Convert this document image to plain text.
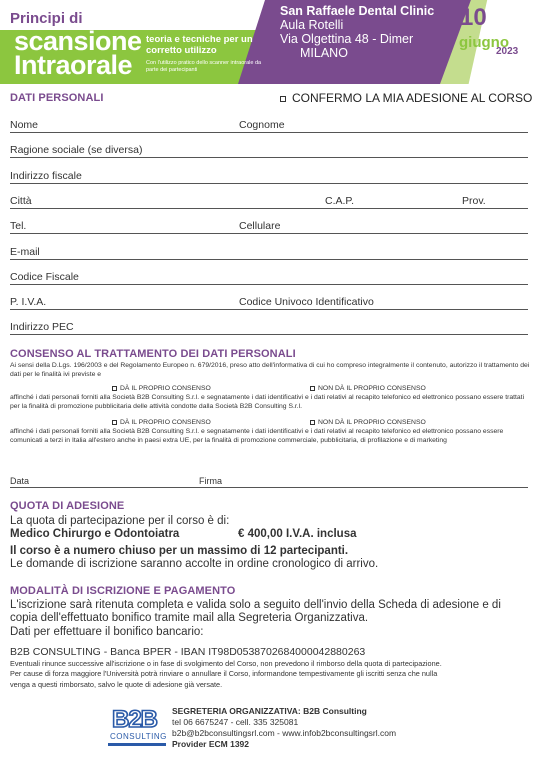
Principi di
scansione
Intraorale
teoria e tecniche per un corretto utilizzo
Con l'utilizzo pratico dello scanner intraorale da parte dei partecipanti
San Raffaele Dental Clinic
Aula Rotelli
Via Olgettina 48 - Dimer
MILANO
10
giugno
2023
DATI PERSONALI	CONFERMO LA MIA ADESIONE AL CORSO
Nome	Cognome
Ragione sociale (se diversa)
Indirizzo fiscale
Città	C.A.P.	Prov.
Tel.	Cellulare
E-mail
Codice Fiscale
P. I.V.A.	Codice Univoco Identificativo
Indirizzo PEC
CONSENSO AL TRATTAMENTO DEI DATI PERSONALI
Ai sensi della D.Lgs. 196/2003 e del Regolamento Europeo n. 679/2016, preso atto dell'informativa di cui ho compreso integralmente il contenuto, autorizzo il trattamento dei dati per le finalità ivi previste e
DÀ IL PROPRIO CONSENSO	NON DÀ IL PROPRIO CONSENSO
affinché i dati personali forniti alla Società B2B Consulting S.r.l. e segnatamente i dati identificativi e i dati relativi al recapito telefonico ed elettronico possano essere trattati per la finalità di promozione pubblicitaria delle attività condotte dalla Società B2B Consulting S.r.l.
DÀ IL PROPRIO CONSENSO	NON DÀ IL PROPRIO CONSENSO
affinché i dati personali forniti alla Società B2B Consulting S.r.l. e segnatamente i dati identificativi e i dati relativi al recapito telefonico ed elettronico possano essere comunicati a terzi in Italia all'estero anche in paesi extra UE, per la finalità di promozione commerciale, pubblicitaria, di profilazione e di marketing
Data	Firma
QUOTA DI ADESIONE
La quota di partecipazione per il corso è di:
Medico Chirurgo e Odontoiatra	€ 400,00 I.V.A. inclusa
Il corso è a numero chiuso per un massimo di 12 partecipanti.
Le domande di iscrizione saranno accolte in ordine cronologico di arrivo.
MODALITÀ DI ISCRIZIONE E PAGAMENTO
L'iscrizione sarà ritenuta completa e valida solo a seguito dell'invio della Scheda di adesione e di
copia dell'effettuato bonifico tramite mail alla Segreteria Organizzativa.
Dati per effettuare il bonifico bancario:
B2B CONSULTING - Banca BPER - IBAN IT98D0538702684000042880263
Eventuali rinunce successive all'iscrizione o in fase di svolgimento del Corso, non prevedono il rimborso della quota di partecipazione.
Per cause di forza maggiore l'Università potrà rinviare o annullare il Corso, informandone tempestivamente gli iscritti senza che nulla
venga a questi rimborsato, salvo le quote di adesione già versate.
B2B
CONSULTING
SEGRETERIA ORGANIZZATIVA: B2B Consulting
tel 06 6675247 - cell. 335 325081
b2b@b2bconsultingsrl.com - www.infob2bconsultingsrl.com
Provider ECM 1392
